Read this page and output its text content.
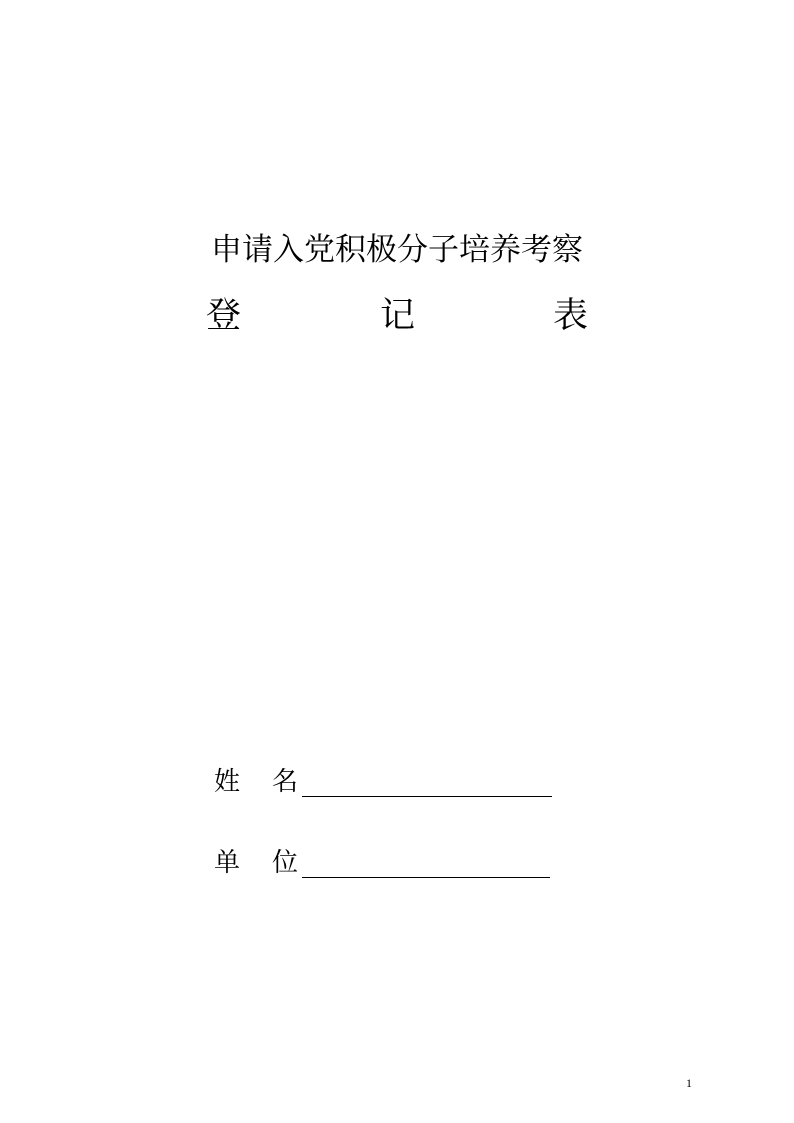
申请入党积极分子培养考察
登	记	表
姓 名
单 位
1
